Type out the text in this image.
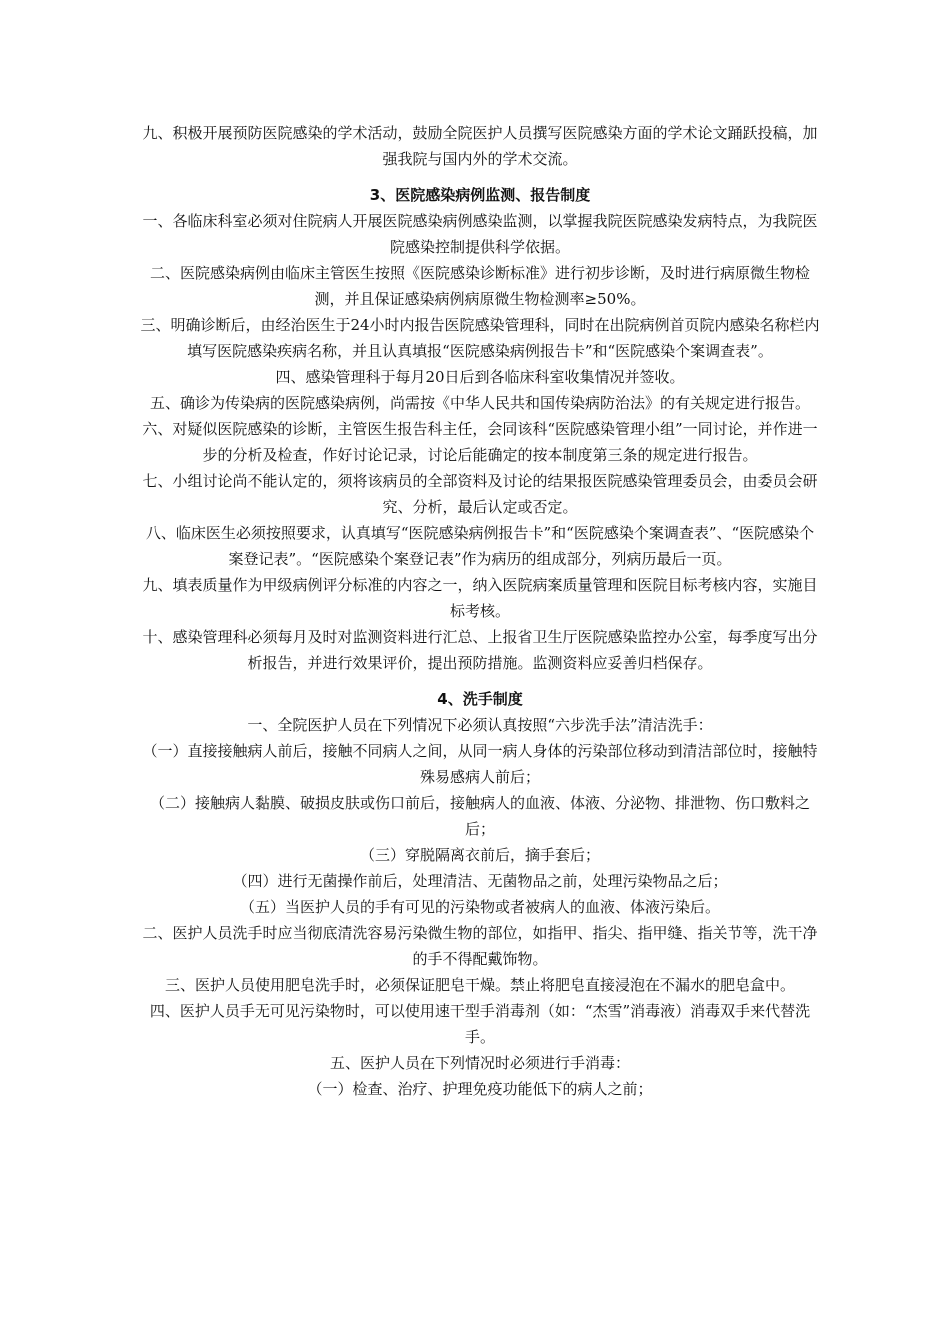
九、积极开展预防医院感染的学术活动，鼓励全院医护人员撰写医院感染方面的学术论文踊跃投稿，加强我院与国内外的学术交流。

3、医院感染病例监测、报告制度

一、各临床科室必须对住院病人开展医院感染病例感染监测，以掌握我院医院感染发病特点，为我院医院感染控制提供科学依据。

二、医院感染病例由临床主管医生按照《医院感染诊断标准》进行初步诊断，及时进行病原微生物检测，并且保证感染病例病原微生物检测率≥50%。

三、明确诊断后，由经治医生于24小时内报告医院感染管理科，同时在出院病例首页院内感染名称栏内填写医院感染疾病名称，并且认真填报“医院感染病例报告卡”和“医院感染个案调查表”。

四、感染管理科于每月20日后到各临床科室收集情况并签收。

五、确诊为传染病的医院感染病例，尚需按《中华人民共和国传染病防治法》的有关规定进行报告。

六、对疑似医院感染的诊断，主管医生报告科主任，会同该科“医院感染管理小组”一同讨论，并作进一步的分析及检查，作好讨论记录，讨论后能确定的按本制度第三条的规定进行报告。

七、小组讨论尚不能认定的，须将该病员的全部资料及讨论的结果报医院感染管理委员会，由委员会研究、分析，最后认定或否定。

八、临床医生必须按照要求，认真填写“医院感染病例报告卡”和“医院感染个案调查表”、“医院感染个案登记表”。“医院感染个案登记表”作为病历的组成部分，列病历最后一页。

九、填表质量作为甲级病例评分标准的内容之一，纳入医院病案质量管理和医院目标考核内容，实施目标考核。

十、感染管理科必须每月及时对监测资料进行汇总、上报省卫生厅医院感染监控办公室，每季度写出分析报告，并进行效果评价，提出预防措施。监测资料应妥善归档保存。

4、洗手制度

一、全院医护人员在下列情况下必须认真按照“六步洗手法”清洁洗手：

（一）直接接触病人前后，接触不同病人之间，从同一病人身体的污染部位移动到清洁部位时，接触特殊易感病人前后；

（二）接触病人黏膜、破损皮肤或伤口前后，接触病人的血液、体液、分泌物、排泄物、伤口敷料之后；

（三）穿脱隔离衣前后，摘手套后；

（四）进行无菌操作前后，处理清洁、无菌物品之前，处理污染物品之后；

（五）当医护人员的手有可见的污染物或者被病人的血液、体液污染后。

二、医护人员洗手时应当彻底清洗容易污染微生物的部位，如指甲、指尖、指甲缝、指关节等，洗干净的手不得配戴饰物。

三、医护人员使用肥皂洗手时，必须保证肥皂干燥。禁止将肥皂直接浸泡在不漏水的肥皂盒中。

四、医护人员手无可见污染物时，可以使用速干型手消毒剂（如：“杰雪”消毒液）消毒双手来代替洗手。

五、医护人员在下列情况时必须进行手消毒：

（一）检查、治疗、护理免疫功能低下的病人之前；
